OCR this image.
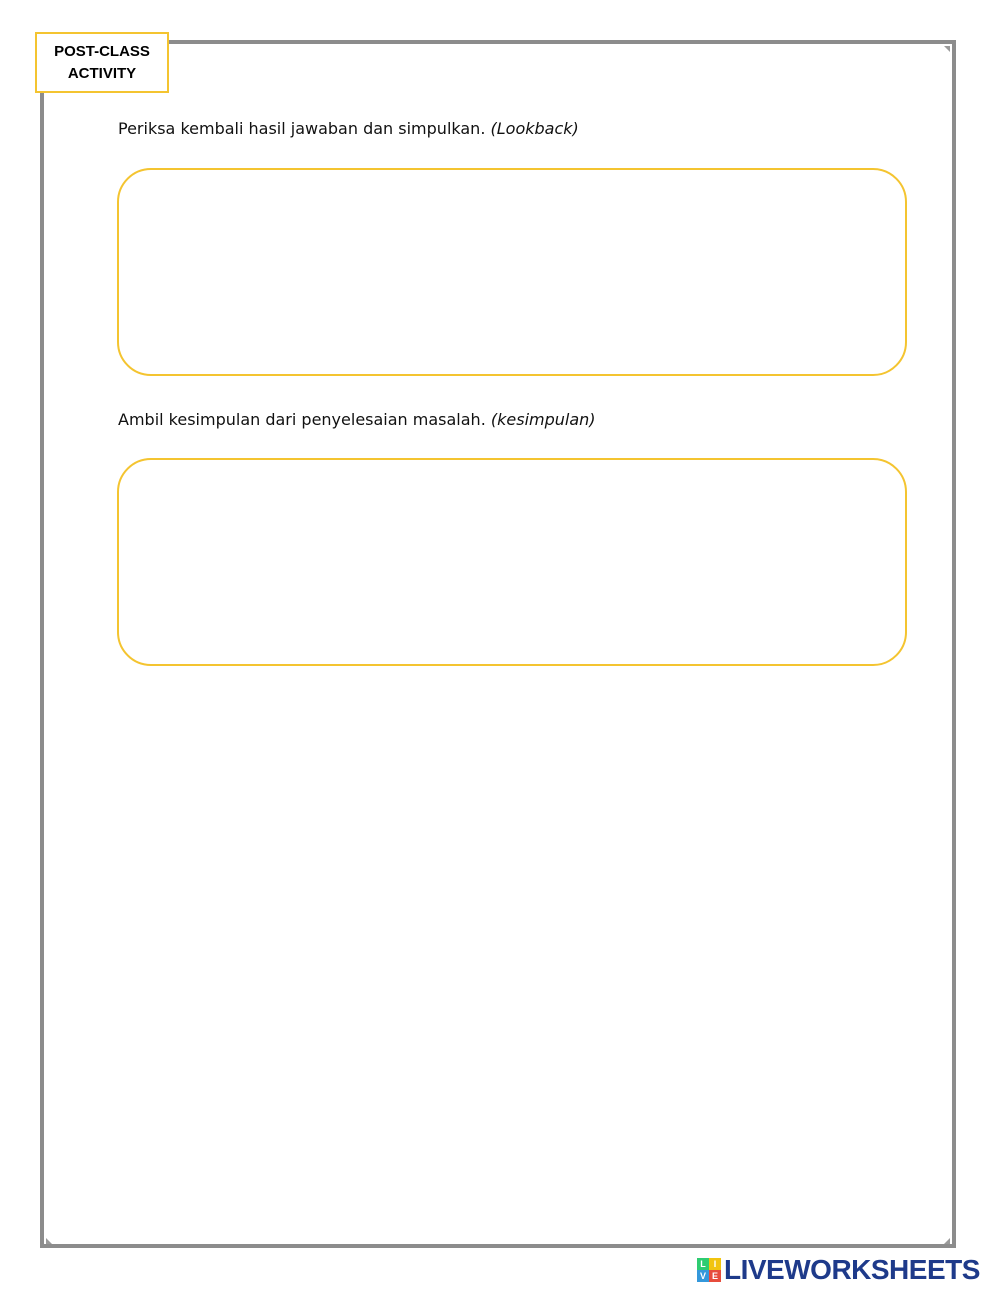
POST-CLASS
ACTIVITY
Periksa kembali hasil jawaban dan simpulkan. (Lookback)
Ambil kesimpulan dari penyelesaian masalah. (kesimpulan)
L I
V E LIVEWORKSHEETS
